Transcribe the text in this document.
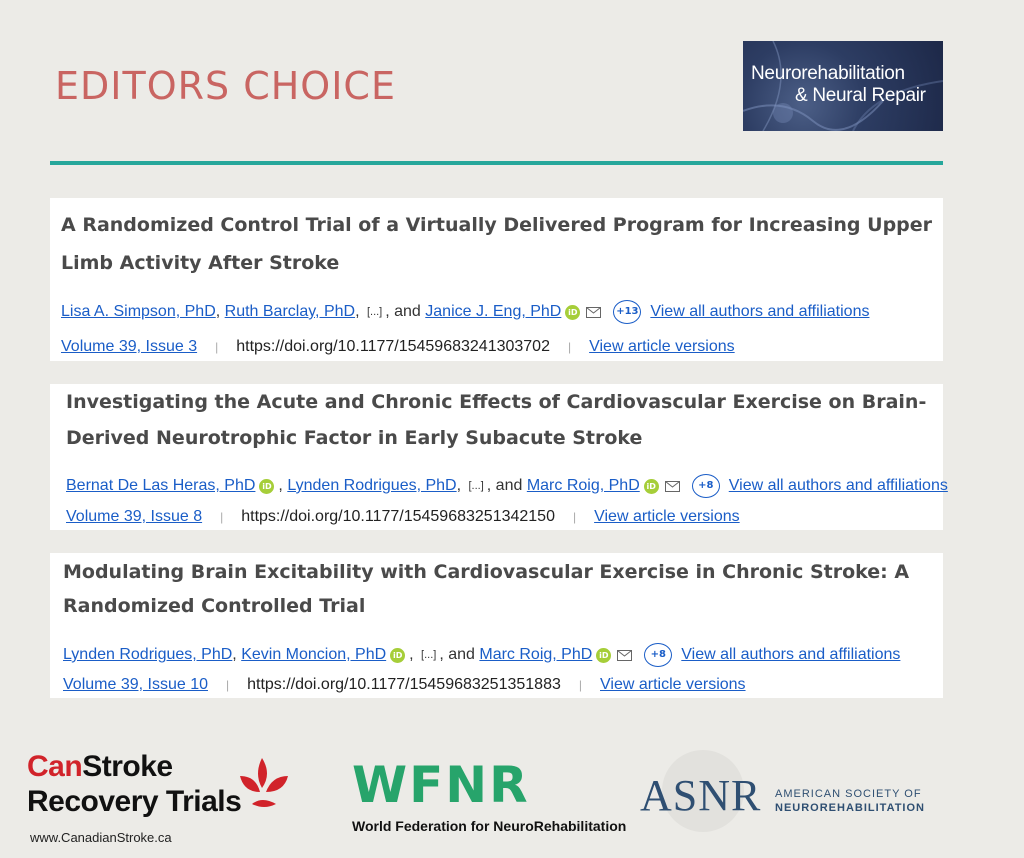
EDITORS CHOICE	Neurorehabilitation
& Neural Repair
A Randomized Control Trial of a Virtually Delivered Program for Increasing Upper Limb Activity After Stroke
Lisa A. Simpson, PhD , Ruth Barclay, PhD , [...] , and
Janice J. Eng, PhD iD	+13 View all authors and affiliations
Volume 39, Issue 3 | https://doi.org/10.1177/15459683241303702 | View article versions
Investigating the Acute and Chronic Effects of Cardiovascular Exercise on Brain-Derived Neurotrophic Factor in Early Subacute Stroke
Bernat De Las Heras, PhD iD , Lynden Rodrigues, PhD , [...] , and
Marc Roig, PhD iD	+8 View all authors and affiliations
Volume 39, Issue 8 | https://doi.org/10.1177/15459683251342150 | View article versions
Modulating Brain Excitability with Cardiovascular Exercise in Chronic Stroke: A Randomized Controlled Trial
Lynden Rodrigues, PhD , Kevin Moncion, PhD iD , [...] , and
Marc Roig, PhD iD	+8 View all authors and affiliations
Volume 39, Issue 10 | https://doi.org/10.1177/15459683251351883 | View article versions
CanStroke
Recovery Trials
www.CanadianStroke.ca
WFNR
World Federation for NeuroRehabilitation
ASNR AMERICAN SOCIETY OF
NEUROREHABILITATION
